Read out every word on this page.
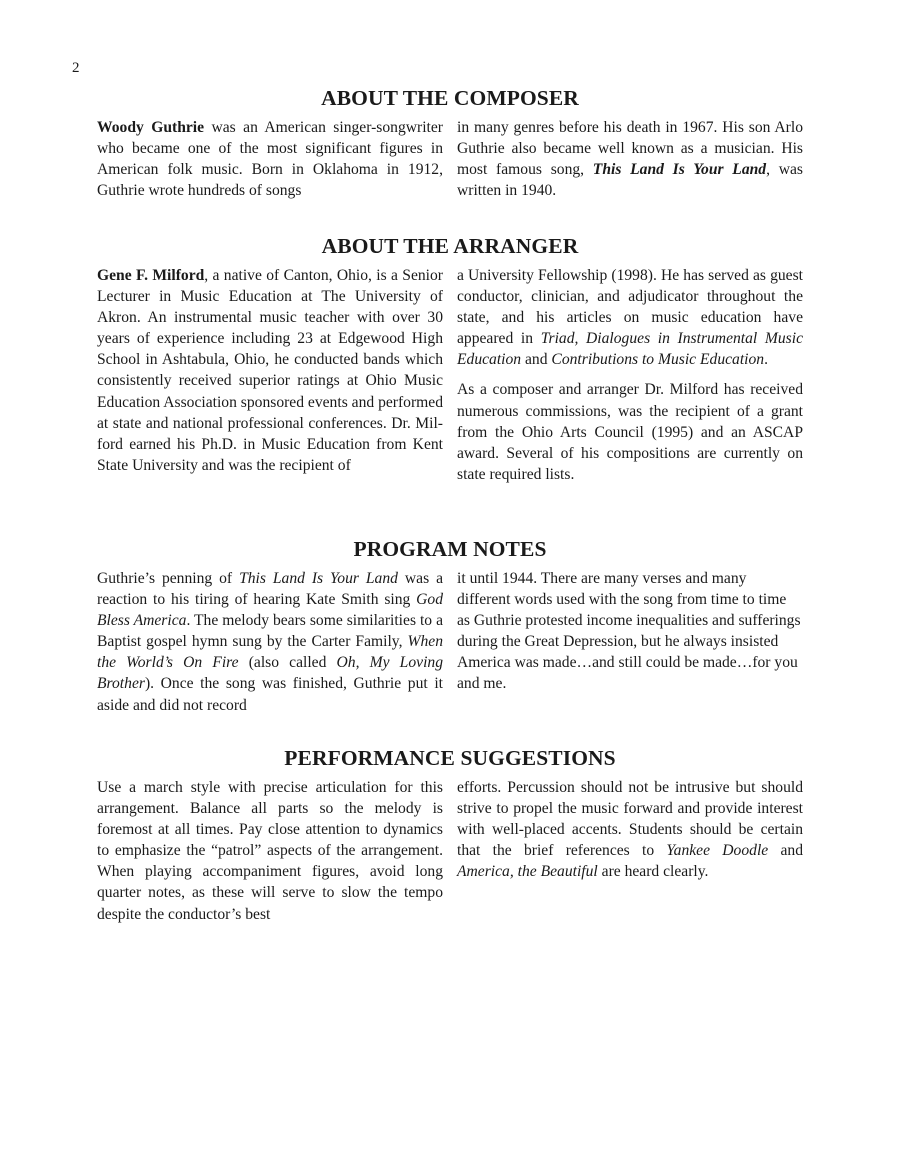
2
ABOUT THE COMPOSER

Woody Guthrie was an American singer-songwriter who became one of the most significant figures in American folk music. Born in Oklahoma in 1912, Guthrie wrote hundreds of songs

in many genres before his death in 1967. His son Arlo Guthrie also became well known as a musician. His most famous song, This Land Is Your Land, was written in 1940.

ABOUT THE ARRANGER

Gene F. Milford, a native of Canton, Ohio, is a Senior Lecturer in Music Education at The University of Akron. An instrumental music teacher with over 30 years of experience including 23 at Edgewood High School in Ashtabula, Ohio, he conducted bands which consistently received superior ratings at Ohio Music Education Association sponsored events and performed at state and national professional conferences. Dr. Milford earned his Ph.D. in Music Education from Kent State University and was the recipient of

a University Fellowship (1998). He has served as guest conductor, clinician, and adjudicator throughout the state, and his articles on music education have appeared in Triad, Dialogues in Instrumental Music Education and Contributions to Music Education.

As a composer and arranger Dr. Milford has received numerous commissions, was the recipient of a grant from the Ohio Arts Council (1995) and an ASCAP award. Several of his compositions are currently on state required lists.

PROGRAM NOTES

Guthrie’s penning of This Land Is Your Land was a reaction to his tiring of hearing Kate Smith sing God Bless America. The melody bears some similarities to a Baptist gospel hymn sung by the Carter Family, When the World’s On Fire (also called Oh, My Loving Brother). Once the song was finished, Guthrie put it aside and did not record

it until 1944. There are many verses and many different words used with the song from time to time as Guthrie protested income inequalities and sufferings during the Great Depression, but he always insisted America was made…and still could be made…for you and me.

PERFORMANCE SUGGESTIONS

Use a march style with precise articulation for this arrangement. Balance all parts so the melody is foremost at all times. Pay close attention to dynamics to emphasize the “patrol” aspects of the arrangement. When playing accompaniment figures, avoid long quarter notes, as these will serve to slow the tempo despite the conductor’s best

efforts. Percussion should not be intrusive but should strive to propel the music forward and provide interest with well-placed accents. Students should be certain that the brief references to Yankee Doodle and America, the Beautiful are heard clearly.
